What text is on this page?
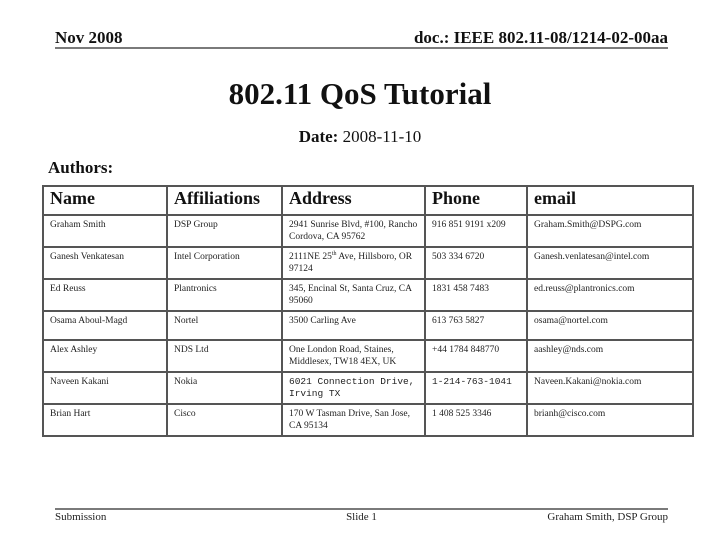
Nov 2008	doc.: IEEE 802.11-08/1214-02-00aa
802.11 QoS Tutorial
Date: 2008-11-10
Authors:
Name	Affiliations	Address	Phone	email
Graham Smith	DSP Group	2941 Sunrise Blvd, #100, Rancho Cordova, CA 95762	916 851 9191 x209	Graham.Smith@DSPG.com
Ganesh Venkatesan	Intel Corporation	2111NE 25th Ave, Hillsboro, OR 97124	503 334 6720	Ganesh.venlatesan@intel.com
Ed Reuss	Plantronics	345, Encinal St, Santa Cruz, CA 95060	1831 458 7483	ed.reuss@plantronics.com
Osama Aboul-Magd	Nortel	3500 Carling Ave	613 763 5827	osama@nortel.com
Alex Ashley	NDS Ltd	One London Road, Staines, Middlesex, TW18 4EX, UK	+44 1784 848770	aashley@nds.com
Naveen Kakani	Nokia	6021 Connection Drive, Irving TX	1-214-763-1041	Naveen.Kakani@nokia.com
Brian Hart	Cisco	170 W Tasman Drive, San Jose, CA 95134	1 408 525 3346	brianh@cisco.com
Submission	Slide 1	Graham Smith, DSP Group
